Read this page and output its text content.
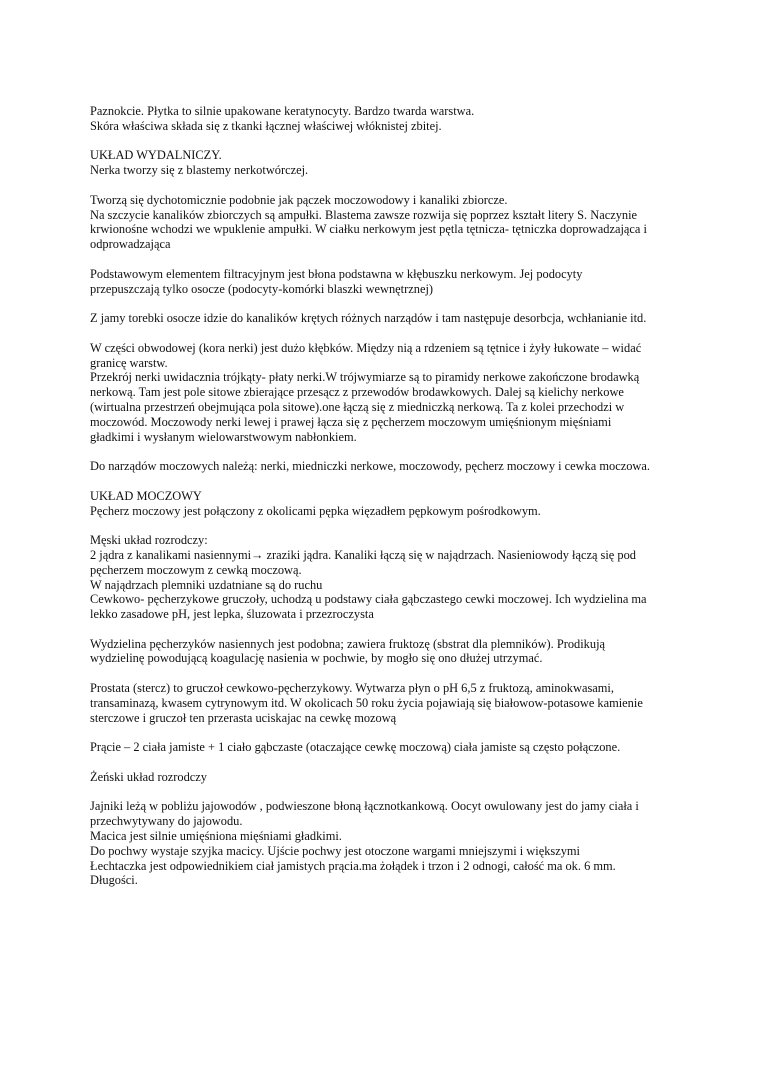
Paznokcie. Płytka to silnie upakowane keratynocyty. Bardzo twarda warstwa.
Skóra właściwa składa się z tkanki łącznej właściwej włóknistej zbitej.
UKŁAD WYDALNICZY.
Nerka tworzy się z blastemy nerkotwórczej.
Tworzą się dychotomicznie podobnie jak pączek moczowodowy i kanaliki zbiorcze.
Na szczycie kanalików zbiorczych są ampułki. Blastema zawsze rozwija się poprzez kształt litery S. Naczynie
krwionośne wchodzi we wpuklenie ampułki. W ciałku nerkowym jest pętla tętnicza- tętniczka doprowadzająca i
odprowadzająca
Podstawowym elementem filtracyjnym jest błona podstawna w kłębuszku nerkowym. Jej podocyty
przepuszczają tylko osocze (podocyty-komórki blaszki wewnętrznej)
Z jamy torebki osocze idzie do kanalików krętych różnych narządów i tam następuje desorbcja, wchłanianie itd.
W części obwodowej (kora nerki) jest dużo kłębków. Między nią a rdzeniem są tętnice i żyły łukowate – widać
granicę warstw.
Przekrój nerki uwidacznia trójkąty- płaty nerki.W trójwymiarze są to piramidy nerkowe zakończone brodawką
nerkową. Tam jest pole sitowe zbierające przesącz z przewodów brodawkowych. Dalej są kielichy nerkowe
(wirtualna przestrzeń obejmująca pola sitowe).one łączą się z miedniczką nerkową. Ta z kolei przechodzi w
moczowód. Moczowody nerki lewej i prawej łącza się z pęcherzem moczowym umięśnionym mięśniami
gładkimi i wysłanym wielowarstwowym nabłonkiem.
Do narządów moczowych należą: nerki, miedniczki nerkowe, moczowody, pęcherz moczowy i cewka moczowa.
UKŁAD MOCZOWY
Pęcherz moczowy jest połączony z okolicami pępka więzadłem pępkowym pośrodkowym.
Męski układ rozrodczy:
2 jądra z kanalikami nasiennymi→ zraziki jądra. Kanaliki łączą się w najądrzach. Nasieniowody łączą się pod
pęcherzem moczowym z cewką moczową.
W najądrzach plemniki uzdatniane są do ruchu
Cewkowo- pęcherzykowe gruczoły, uchodzą u podstawy ciała gąbczastego cewki moczowej. Ich wydzielina ma
lekko zasadowe pH, jest lepka, śluzowata i przezroczysta
Wydzielina pęcherzyków nasiennych jest podobna; zawiera fruktozę (sbstrat dla plemników). Prodikują
wydzielinę powodującą koagulację nasienia w pochwie, by mogło się ono dłużej utrzymać.
Prostata (stercz) to gruczoł cewkowo-pęcherzykowy. Wytwarza płyn o pH 6,5 z fruktozą, aminokwasami,
transaminazą, kwasem cytrynowym itd. W okolicach 50 roku życia pojawiają się białowow-potasowe kamienie
sterczowe i gruczoł ten przerasta uciskajac na cewkę mozową
Prącie – 2 ciała jamiste + 1 ciało gąbczaste (otaczające cewkę moczową) ciała jamiste są często połączone.
Żeński układ rozrodczy
Jajniki leżą w pobliżu jajowodów , podwieszone błoną łącznotkankową. Oocyt owulowany jest do jamy ciała i
przechwytywany do jajowodu.
Macica jest silnie umięśniona mięśniami gładkimi.
Do pochwy wystaje szyjka macicy. Ujście pochwy jest otoczone wargami mniejszymi i większymi
Łechtaczka jest odpowiednikiem ciał jamistych prącia.ma żołądek i trzon i 2 odnogi, całość ma ok. 6 mm.
Długości.
